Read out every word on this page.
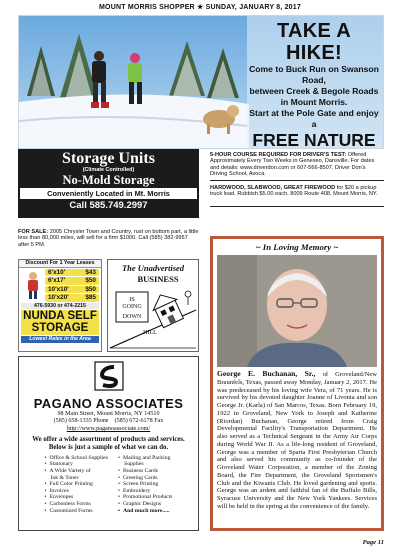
MOUNT MORRIS SHOPPER ★ SUNDAY, JANUARY 8, 2017
TAKE A HIKE!
Come to Buck Run on Swanson Road,
between Creek & Begole Roads
in Mount Morris.
Start at the Pole Gate and enjoy a
FREE NATURE
Storage Units
(Climate Controlled)
No-Mold Storage
Conveniently Located in Mt. Morris
Call 585.749.2997
5-HOUR COURSE REQUIRED FOR DRIVER'S TEST: Offered Approximately Every Two Weeks in Geneseo, Dansville. For dates and details: www.driverdon.com or 607-566-8507. Driver Don's Driving School, Avoca.
HARDWOOD, SLABWOOD, GREAT FIREWOOD for $20 a pickup truck load. Rubbish $5.00 each. 8009 Route 408, Mount Morris, NY.
FOR SALE: 2005 Chrysler Town and Country, rust on bottom part, a little less than 80,000 miles, will sell for a firm $1000. Call (585) 382-9957 after 5 PM.
Discount For 1 Year Leases
6'x10'	$43
6'x17'	$50
10'x10'	$50
10'x20'	$85
476-5930 or 474-2215
NUNDA SELF
STORAGE
Lowest Rates in the Area
The Unadvertised
BUSINESS
IS
GOING
DOWN
HILL
PAGANO ASSOCIATES
98 Main Street, Mount Morris, NY 14510
(585) 658-1335 Phone    (585) 672-6178 Fax
http://www.paganoassociate.com/
We offer a wide assortment of products and services.
Below is just a sample of what we can do.
• Office & School Supplies
• Stationary
• A Wide Variety of
Ink & Toner
• Full Color Printing
• Invoices
• Envelopes
• Carbonless Forms
• Customized Forms
• Mailing and Packing
Supplies
• Business Cards
• Greeting Cards
• Screen Printing
• Embroidery
• Promotional Products
• Graphic Designs
• And much more.....
~ In Loving Memory ~
George E. Buchanan, Sr., of Groveland/New Braunfels, Texas, passed away Monday, January 2, 2017. He was predeceased by his loving wife Vera, of 71 years. He is survived by his devoted daughter Joanne of Livonia and son George Jr. (Karla) of San Marcos, Texas. Born February 19, 1922 in Groveland, New York to Joseph and Katherine (Riordan) Buchanan, George retired from Craig Developmental Facility's Transportation Department. He also served as a Technical Sergeant in the Army Air Corps during World War II. As a life-long resident of Groveland, George was a member of Sparta First Presbyterian Church and also served his community as co-founder of the Groveland Water Corporation, a member of the Zoning Board, the Fire Department, the Groveland Sportsmen's Club and the Kiwanis Club. He loved gardening and sports. George was an ardent and faithful fan of the Buffalo Bills, Syracuse University and the New York Yankees. Services will be held in the spring at the convenience of the family.
Page 11
